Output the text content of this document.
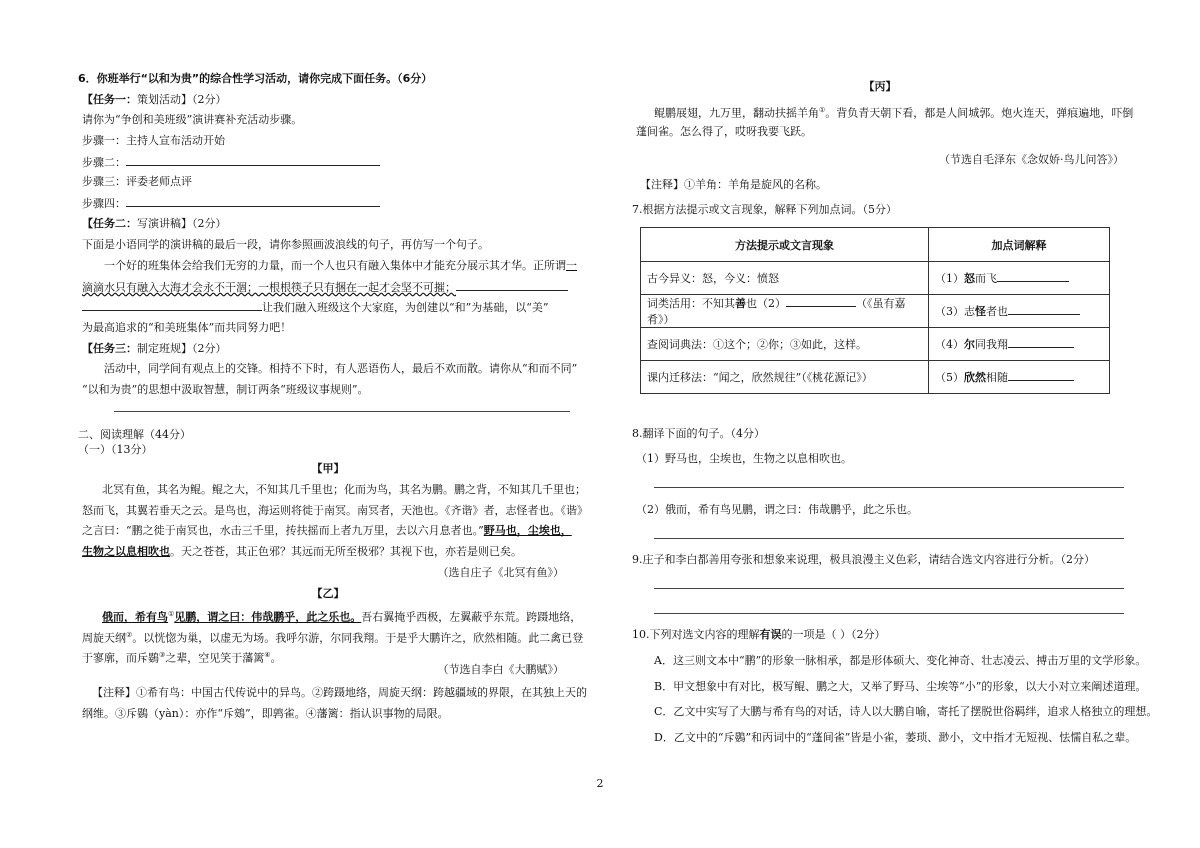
6．你班举行“以和为贵”的综合性学习活动，请你完成下面任务。（6分）
【任务一：策划活动】（2分）
请你为“争创和美班级”演讲赛补充活动步骤。
步骤一：主持人宣布活动开始
步骤二：
步骤三：评委老师点评
步骤四：
【任务二：写演讲稿】（2分）
下面是小语同学的演讲稿的最后一段，请你参照画波浪线的句子，再仿写一个句子。
一个好的班集体会给我们无穷的力量，而一个人也只有融入集体中才能充分展示其才华。正所谓一
滴滴水只有融入大海才会永不干涸；一根根筷子只有捆在一起才会坚不可摧；
让我们融入班级这个大家庭，为创建以“和”为基础，以“美”
为最高追求的“和美班集体”而共同努力吧！
【任务三：制定班规】（2分）
活动中，同学间有观点上的交锋。相持不下时，有人恶语伤人，最后不欢而散。请你从“和而不同”
“以和为贵”的思想中汲取智慧，制订两条“班级议事规则”。
二、阅读理解（44分）
（一）（13分）
【甲】
北冥有鱼，其名为鲲。鲲之大，不知其几千里也；化而为鸟，其名为鹏。鹏之背，不知其几千里也；
怒而飞，其翼若垂天之云。是鸟也，海运则将徙于南冥。南冥者，天池也。《齐谐》者，志怪者也。《谐》
之言曰：“鹏之徙于南冥也，水击三千里，抟扶摇而上者九万里，去以六月息者也。”野马也，尘埃也，
生物之以息相吹也。天之苍苍，其正色邪？其远而无所至极邪？其视下也，亦若是则已矣。
（选自庄子《北冥有鱼》）
【乙】
俄而，希有鸟①见鹏，谓之曰：伟哉鹏乎，此之乐也。吾右翼掩乎西极，左翼蔽乎东荒。跨蹑地络，
周旋天纲②。以恍惚为巢，以虚无为场。我呼尔游，尔同我翔。于是乎大鹏许之，欣然相随。此二禽已登
于寥廓，而斥鷃③之辈，空见笑于藩篱④。
（节选自李白《大鹏赋》）
【注释】①希有鸟：中国古代传说中的异鸟。②跨蹑地络，周旋天纲：跨越疆域的界限，在其独上天的
纲维。③斥鷃（yàn）：亦作“斥鴳”，即鹑雀。④藩篱：指认识事物的局限。
【丙】
鲲鹏展翅，九万里，翻动扶摇羊角①。背负青天朝下看，都是人间城郭。炮火连天，弹痕遍地，吓倒
蓬间雀。怎么得了，哎呀我要飞跃。
（节选自毛泽东《念奴娇·鸟儿问答》）
【注释】①羊角：羊角是旋风的名称。
7.根据方法提示或文言现象，解释下列加点词。（5分）
方法提示或文言现象	加点词解释
古今异义：怒，今义：愤怒	（1）怒而飞
词类活用：不知其善也（2） （《虽有嘉肴》）	（3）志怪者也
查阅词典法：①这个；②你；③如此，这样。	（4）尔同我翔
课内迁移法：“闻之，欣然规往”（《桃花源记》）	（5）欣然相随
8.翻译下面的句子。（4分）
（1）野马也，尘埃也，生物之以息相吹也。
（2）俄而，希有鸟见鹏，谓之曰：伟哉鹏乎，此之乐也。
9.庄子和李白都善用夸张和想象来说理，极具浪漫主义色彩，请结合选文内容进行分析。（2分）
10.下列对选文内容的理解有误的一项是（ ）（2分）
A．这三则文本中“鹏”的形象一脉相承，都是形体硕大、变化神奇、壮志凌云、搏击万里的文学形象。
B．甲文想象中有对比，极写鲲、鹏之大，又举了野马、尘埃等“小”的形象，以大小对立来阐述道理。
C．乙文中实写了大鹏与希有鸟的对话，诗人以大鹏自喻，寄托了摆脱世俗羁绊，追求人格独立的理想。
D．乙文中的“斥鷃”和丙词中的“蓬间雀”皆是小雀，萎琐、渺小，文中指才无短视、怯懦自私之辈。
2
